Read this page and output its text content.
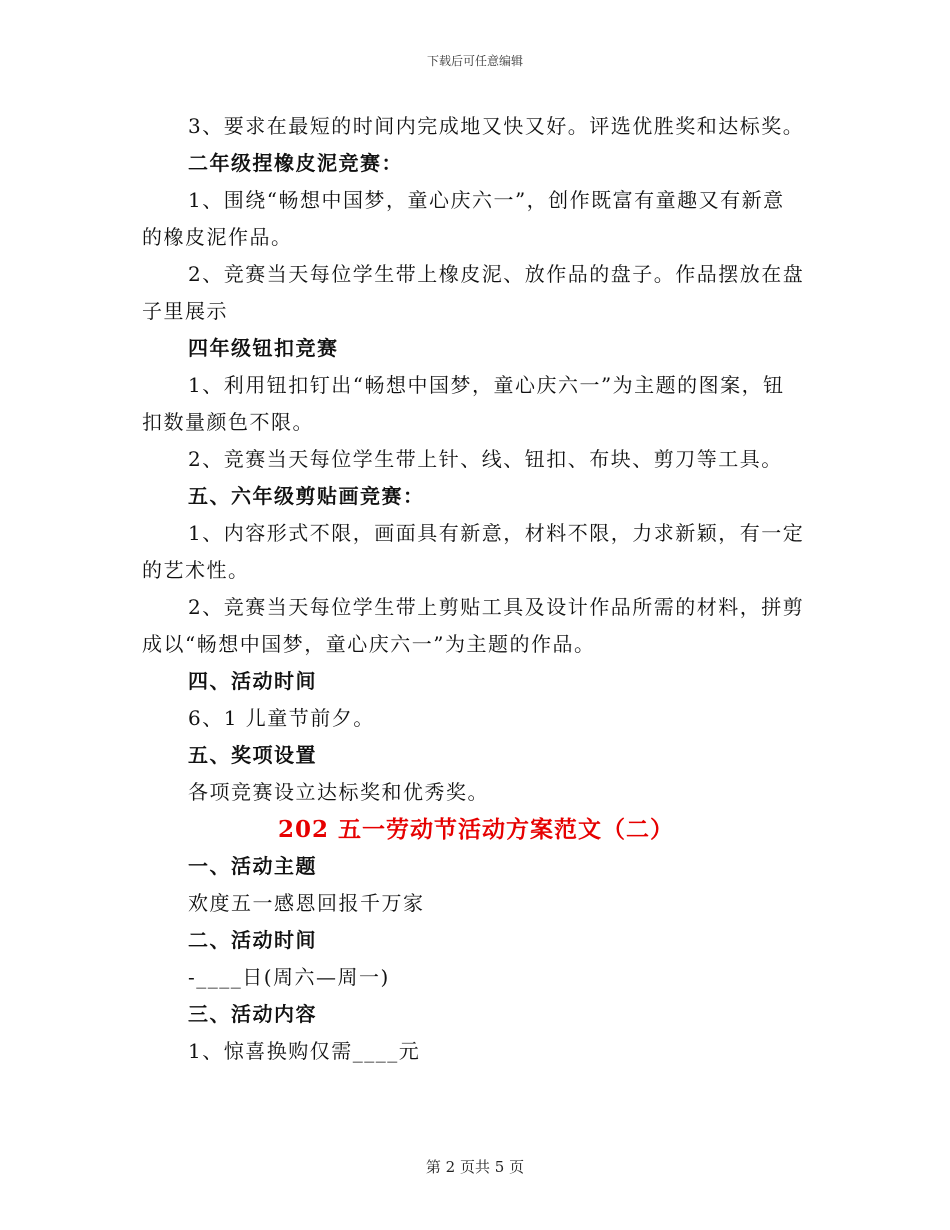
下载后可任意编辑
3、要求在最短的时间内完成地又快又好。评选优胜奖和达标奖。
二年级捏橡皮泥竞赛：
1、围绕“畅想中国梦，童心庆六一”，创作既富有童趣又有新意
的橡皮泥作品。
2、竞赛当天每位学生带上橡皮泥、放作品的盘子。作品摆放在盘
子里展示
四年级钮扣竞赛
1、利用钮扣钉出“畅想中国梦，童心庆六一”为主题的图案，钮
扣数量颜色不限。
2、竞赛当天每位学生带上针、线、钮扣、布块、剪刀等工具。
五、六年级剪贴画竞赛：
1、内容形式不限，画面具有新意，材料不限，力求新颖，有一定
的艺术性。
2、竞赛当天每位学生带上剪贴工具及设计作品所需的材料，拼剪
成以“畅想中国梦，童心庆六一”为主题的作品。
四、活动时间
6、1 儿童节前夕。
五、奖项设置
各项竞赛设立达标奖和优秀奖。
202 五一劳动节活动方案范文（二）
一、活动主题
欢度五一感恩回报千万家
二、活动时间
-____日(周六—周一)
三、活动内容
1、惊喜换购仅需____元
第 2 页共 5 页
